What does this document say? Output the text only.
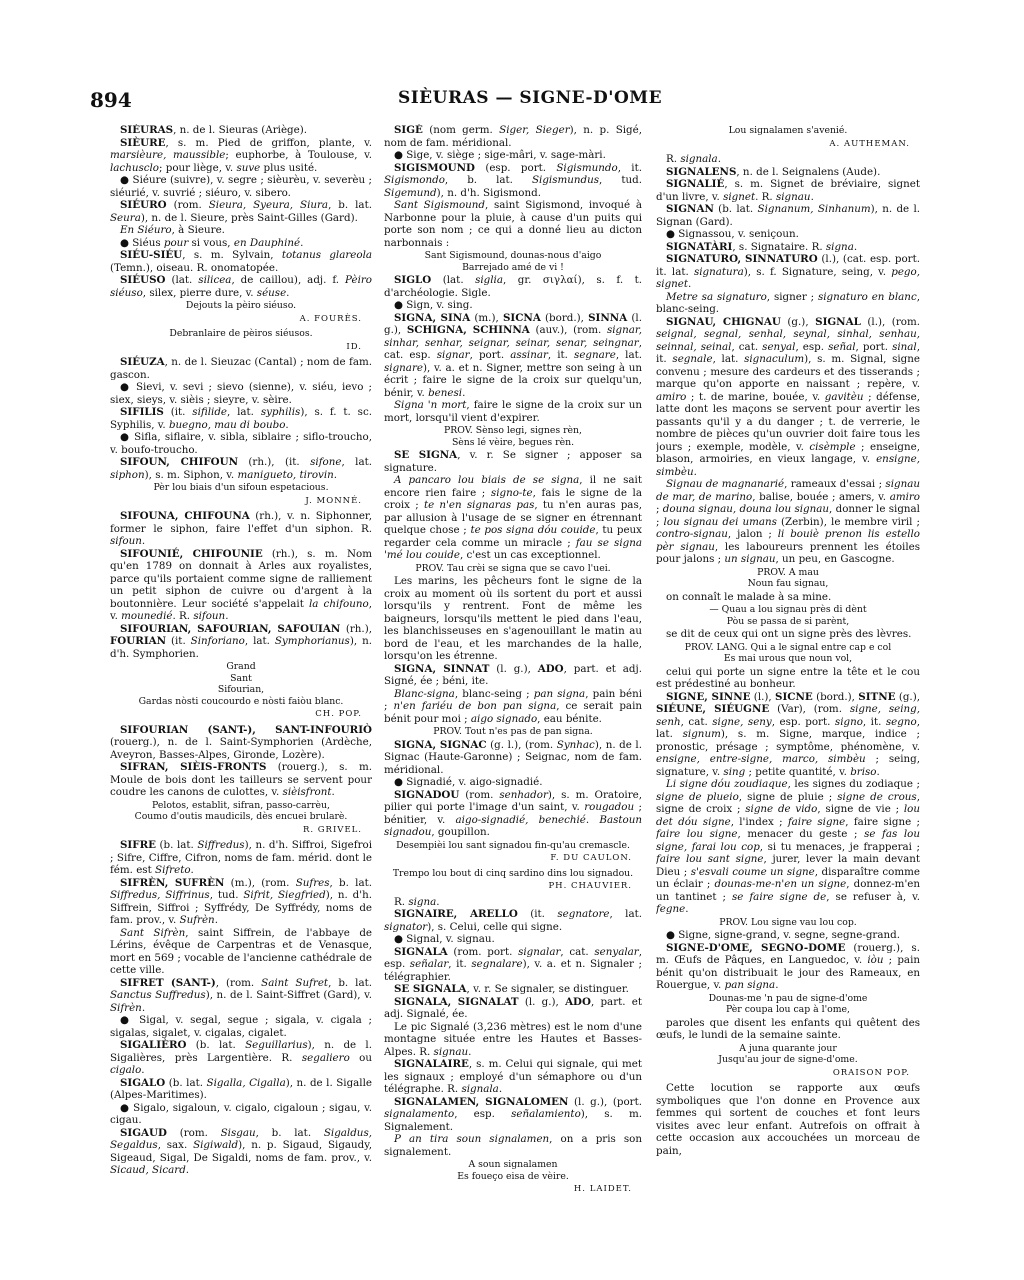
894	SIÈURAS — SIGNE-D'OME

SIÉURAS, n. de l. Sieuras (Ariège).

SIÈURE, s. m. Pied de griffon, plante, v. marsièure, maussible; euphorbe, à Toulouse, v. lachusclo; pour liège, v. suve plus usité.

● Siéure (suivre), v. segre ; sièurèu, v. severèu ; siéurié, v. suvrié ; siéuro, v. sibero.

SIÉURO (rom. Sieura, Syeura, Siura, b. lat. Seura), n. de l. Sieure, près Saint-Gilles (Gard).

En Siéuro, à Sieure.

● Siéus pour si vous, en Dauphiné.

SIÉU-SIÉU, s. m. Sylvain, totanus glareola (Temn.), oiseau. R. onomatopée.

SIÉUSO (lat. silicea, de caillou), adj. f. Pèiro siéuso, silex, pierre dure, v. séuse.

Dejouts la pèiro siéuso.

A. FOURÈS.

Debranlaire de pèiros siéusos.

ID.

SIÉUZA, n. de l. Sieuzac (Cantal) ; nom de fam. gascon.

● Sievi, v. sevi ; sievo (sienne), v. siéu, ievo ; siex, sieys, v. sièis ; sieyre, v. sèire.

SIFILIS (it. sifilide, lat. syphilis), s. f. t. sc. Syphilis, v. buegno, mau di boubo.

● Sifla, siflaire, v. sibla, siblaire ; siflo-troucho, v. boufo-troucho.

SIFOUN, CHIFOUN (rh.), (it. sifone, lat. siphon), s. m. Siphon, v. manigueto, tirovin.

Pèr lou biais d'un sifoun espetacious.

J. MONNÉ.

SIFOUNA, CHIFOUNA (rh.), v. n. Siphonner, former le siphon, faire l'effet d'un siphon. R. sifoun.

SIFOUNIÉ, CHIFOUNIE (rh.), s. m. Nom qu'en 1789 on donnait à Arles aux royalistes, parce qu'ils portaient comme signe de ralliement un petit siphon de cuivre ou d'argent à la boutonnière. Leur société s'appelait la chifouno, v. mounedié. R. sifoun.

SIFOURIAN, SAFOURIAN, SAFOUIAN (rh.), FOURIAN (it. Sinforiano, lat. Symphorianus), n. d'h. Symphorien.

Grand
Sant
Sifourian,
Gardas nòsti coucourdo e nòsti faiòu blanc.

CH. POP.

SIFOURIAN (SANT-), SANT-INFOURIÒ (rouerg.), n. de l. Saint-Symphorien (Ardèche, Aveyron, Basses-Alpes, Gironde, Lozère).

SIFRAN, SIÈIS-FRONTS (rouerg.), s. m. Moule de bois dont les tailleurs se servent pour coudre les canons de culottes, v. sièisfront.

Pelotos, establit, sifran, passo-carrèu,
Coumo d'outis maudicils, dès encuei brularè.

R. GRIVEL.

SIFRE (b. lat. Siffredus), n. d'h. Siffroi, Sigefroi ; Sifre, Ciffre, Cifron, noms de fam. mérid. dont le fém. est Sifreto.

SIFRÈN, SUFRÈN (m.), (rom. Sufres, b. lat. Siffredus, Siffrinus, tud. Sifrit, Siegfried), n. d'h. Siffrein, Siffroi ; Syffrédy, De Syffrédy, noms de fam. prov., v. Sufrèn.

Sant Sifrèn, saint Siffrein, de l'abbaye de Lérins, évêque de Carpentras et de Venasque, mort en 569 ; vocable de l'ancienne cathédrale de cette ville.

SIFRET (SANT-), (rom. Saint Sufret, b. lat. Sanctus Suffredus), n. de l. Saint-Siffret (Gard), v. Sifrèn.

● Sigal, v. segal, segue ; sigala, v. cigala ; sigalas, sigalet, v. cigalas, cigalet.

SIGALIÈRO (b. lat. Seguillarius), n. de l. Sigalières, près Largentière. R. segaliero ou cigalo.

SIGALO (b. lat. Sigalla, Cigalla), n. de l. Sigalle (Alpes-Maritimes).

● Sigalo, sigaloun, v. cigalo, cigaloun ; sigau, v. cigau.

SIGAUD (rom. Sisgau, b. lat. Sigaldus, Segaldus, sax. Sigiwald), n. p. Sigaud, Sigaudy, Sigeaud, Sigal, De Sigaldi, noms de fam. prov., v. Sicaud, Sicard.

SIGÉ (nom germ. Siger, Sieger), n. p. Sigé, nom de fam. méridional.

● Sige, v. siège ; sige-mâri, v. sage-màri.

SIGISMOUND (esp. port. Sigismundo, it. Sigismondo, b. lat. Sigismundus, tud. Sigemund), n. d'h. Sigismond.

Sant Sigismound, saint Sigismond, invoqué à Narbonne pour la pluie, à cause d'un puits qui porte son nom ; ce qui a donné lieu au dicton narbonnais :

Sant Sigismound, dounas-nous d'aigo
Barrejado amé de vi !

SIGLO (lat. siglia, gr. σιγλαί), s. f. t. d'archéologie. Sigle.

● Sign, v. sing.

SIGNA, SINA (m.), SICNA (bord.), SINNA (l. g.), SCHIGNA, SCHINNA (auv.), (rom. signar, sinhar, senhar, seignar, seinar, senar, seingnar, cat. esp. signar, port. assinar, it. segnare, lat. signare), v. a. et n. Signer, mettre son seing à un écrit ; faire le signe de la croix sur quelqu'un, bénir, v. benesi.

Signa 'n mort, faire le signe de la croix sur un mort, lorsqu'il vient d'expirer.

PROV. Sènso legi, signes rèn,
Sèns lé vèire, begues rèn.

SE SIGNA, v. r. Se signer ; apposer sa signature.

A pancaro lou biais de se signa, il ne sait encore rien faire ; signo-te, fais le signe de la croix ; te n'en signaras pas, tu n'en auras pas, par allusion à l'usage de se signer en étrennant quelque chose ; te pos signa dóu couide, tu peux regarder cela comme un miracle ; fau se signa 'mé lou couide, c'est un cas exceptionnel.

PROV. Tau crèi se signa que se cavo l'uei.

Les marins, les pêcheurs font le signe de la croix au moment où ils sortent du port et aussi lorsqu'ils y rentrent. Font de même les baigneurs, lorsqu'ils mettent le pied dans l'eau, les blanchisseuses en s'agenouillant le matin au bord de l'eau, et les marchandes de la halle, lorsqu'on les étrenne.

SIGNA, SINNAT (l. g.), ADO, part. et adj. Signé, ée ; béni, ite.

Blanc-signa, blanc-seing ; pan signa, pain béni ; n'en fariéu de bon pan signa, ce serait pain bénit pour moi ; aigo signado, eau bénite.

PROV. Tout n'es pas de pan signa.

SIGNA, SIGNAC (g. l.), (rom. Synhac), n. de l. Signac (Haute-Garonne) ; Seignac, nom de fam. méridional.

● Signadié, v. aigo-signadié.

SIGNADOU (rom. senhador), s. m. Oratoire, pilier qui porte l'image d'un saint, v. rougadou ; bénitier, v. aigo-signadié, benechié. Bastoun signadou, goupillon.

Desempièi lou sant signadou fin-qu'au cremascle.

F. DU CAULON.

Trempo lou bout di cinq sardino dins lou signadou.

PH. CHAUVIER.

R. signa.

SIGNAIRE, ARELLO (it. segnatore, lat. signator), s. Celui, celle qui signe.

● Signal, v. signau.

SIGNALA (rom. port. signalar, cat. senyalar, esp. señalar, it. segnalare), v. a. et n. Signaler ; télégraphier.

SE SIGNALA, v. r. Se signaler, se distinguer.

SIGNALA, SIGNALAT (l. g.), ADO, part. et adj. Signalé, ée.

Le pic Signalé (3,236 mètres) est le nom d'une montagne située entre les Hautes et Basses-Alpes. R. signau.

SIGNALAIRE, s. m. Celui qui signale, qui met les signaux ; employé d'un sémaphore ou d'un télégraphe. R. signala.

SIGNALAMEN, SIGNALOMEN (l. g.), (port. signalamento, esp. señalamiento), s. m. Signalement.

P an tira soun signalamen, on a pris son signalement.

A soun signalamen
Es foueço eisa de vèire.

H. LAIDET.

Lou signalamen s'avenié.

A. AUTHEMAN.

R. signala.

SIGNALENS, n. de l. Seignalens (Aude).

SIGNALIÉ, s. m. Signet de bréviaire, signet d'un livre, v. signet. R. signau.

SIGNAN (b. lat. Signanum, Sinhanum), n. de l. Signan (Gard).

● Signassou, v. seniçoun.

SIGNATÀRI, s. Signataire. R. signa.

SIGNATURO, SINNATURO (l.), (cat. esp. port. it. lat. signatura), s. f. Signature, seing, v. pego, signet.

Metre sa signaturo, signer ; signaturo en blanc, blanc-seing.

SIGNAU, CHIGNAU (g.), SIGNAL (l.), (rom. seignal, segnal, senhal, seynal, sinhal, senhau, seinnal, seinal, cat. senyal, esp. señal, port. sinal, it. segnale, lat. signaculum), s. m. Signal, signe convenu ; mesure des cardeurs et des tisserands ; marque qu'on apporte en naissant ; repère, v. amiro ; t. de marine, bouée, v. gavitèu ; défense, latte dont les maçons se servent pour avertir les passants qu'il y a du danger ; t. de verrerie, le nombre de pièces qu'un ouvrier doit faire tous les jours ; exemple, modèle, v. cisèmple ; enseigne, blason, armoiries, en vieux langage, v. ensigne, simbèu.

Signau de magnanarié, rameaux d'essai ; signau de mar, de marino, balise, bouée ; amers, v. amiro ; douna signau, douna lou signau, donner le signal ; lou signau dei umans (Zerbin), le membre viril ; contro-signau, jalon ; li bouiè prenon lis estello pèr signau, les laboureurs prennent les étoiles pour jalons ; un signau, un peu, en Gascogne.

PROV. A mau
Noun fau signau,

on connaît le malade à sa mine.

— Quau a lou signau près di dènt
Pòu se passa de si parènt,

se dit de ceux qui ont un signe près des lèvres.

PROV. LANG. Qui a le signal entre cap e col
Es mai urous que noun vol,

celui qui porte un signe entre la tête et le cou est prédestiné au bonheur.

SIGNE, SINNE (l.), SICNE (bord.), SITNE (g.), SIÉUNE, SIÉUGNE (Var), (rom. signe, seing, senh, cat. signe, seny, esp. port. signo, it. segno, lat. signum), s. m. Signe, marque, indice ; pronostic, présage ; symptôme, phénomène, v. ensigne, entre-signe, marco, simbèu ; seing, signature, v. sing ; petite quantité, v. briso.

Li signe dóu zoudiaque, les signes du zodiaque ; signe de plueio, signe de pluie ; signe de crous, signe de croix ; signe de vido, signe de vie ; lou det dóu signe, l'index ; faire signe, faire signe ; faire lou signe, menacer du geste ; se fas lou signe, farai lou cop, si tu menaces, je frapperai ; faire lou sant signe, jurer, lever la main devant Dieu ; s'esvali coume un signe, disparaître comme un éclair ; dounas-me-n'en un signe, donnez-m'en un tantinet ; se faire signe de, se refuser à, v. fegne.

PROV. Lou signe vau lou cop.

● Signe, signe-grand, v. segne, segne-grand.

SIGNE-D'OME, SEGNO-DOME (rouerg.), s. m. Œufs de Pâques, en Languedoc, v. iòu ; pain bénit qu'on distribuait le jour des Rameaux, en Rouergue, v. pan signa.

Dounas-me 'n pau de signe-d'ome
Pèr coupa lou cap à l'ome,

paroles que disent les enfants qui quêtent des œufs, le lundi de la semaine sainte.

A juna quarante jour
Jusqu'au jour de signe-d'ome.

ORAISON POP.

Cette locution se rapporte aux œufs symboliques que l'on donne en Provence aux femmes qui sortent de couches et font leurs visites avec leur enfant. Autrefois on offrait à cette occasion aux accouchées un morceau de pain,
